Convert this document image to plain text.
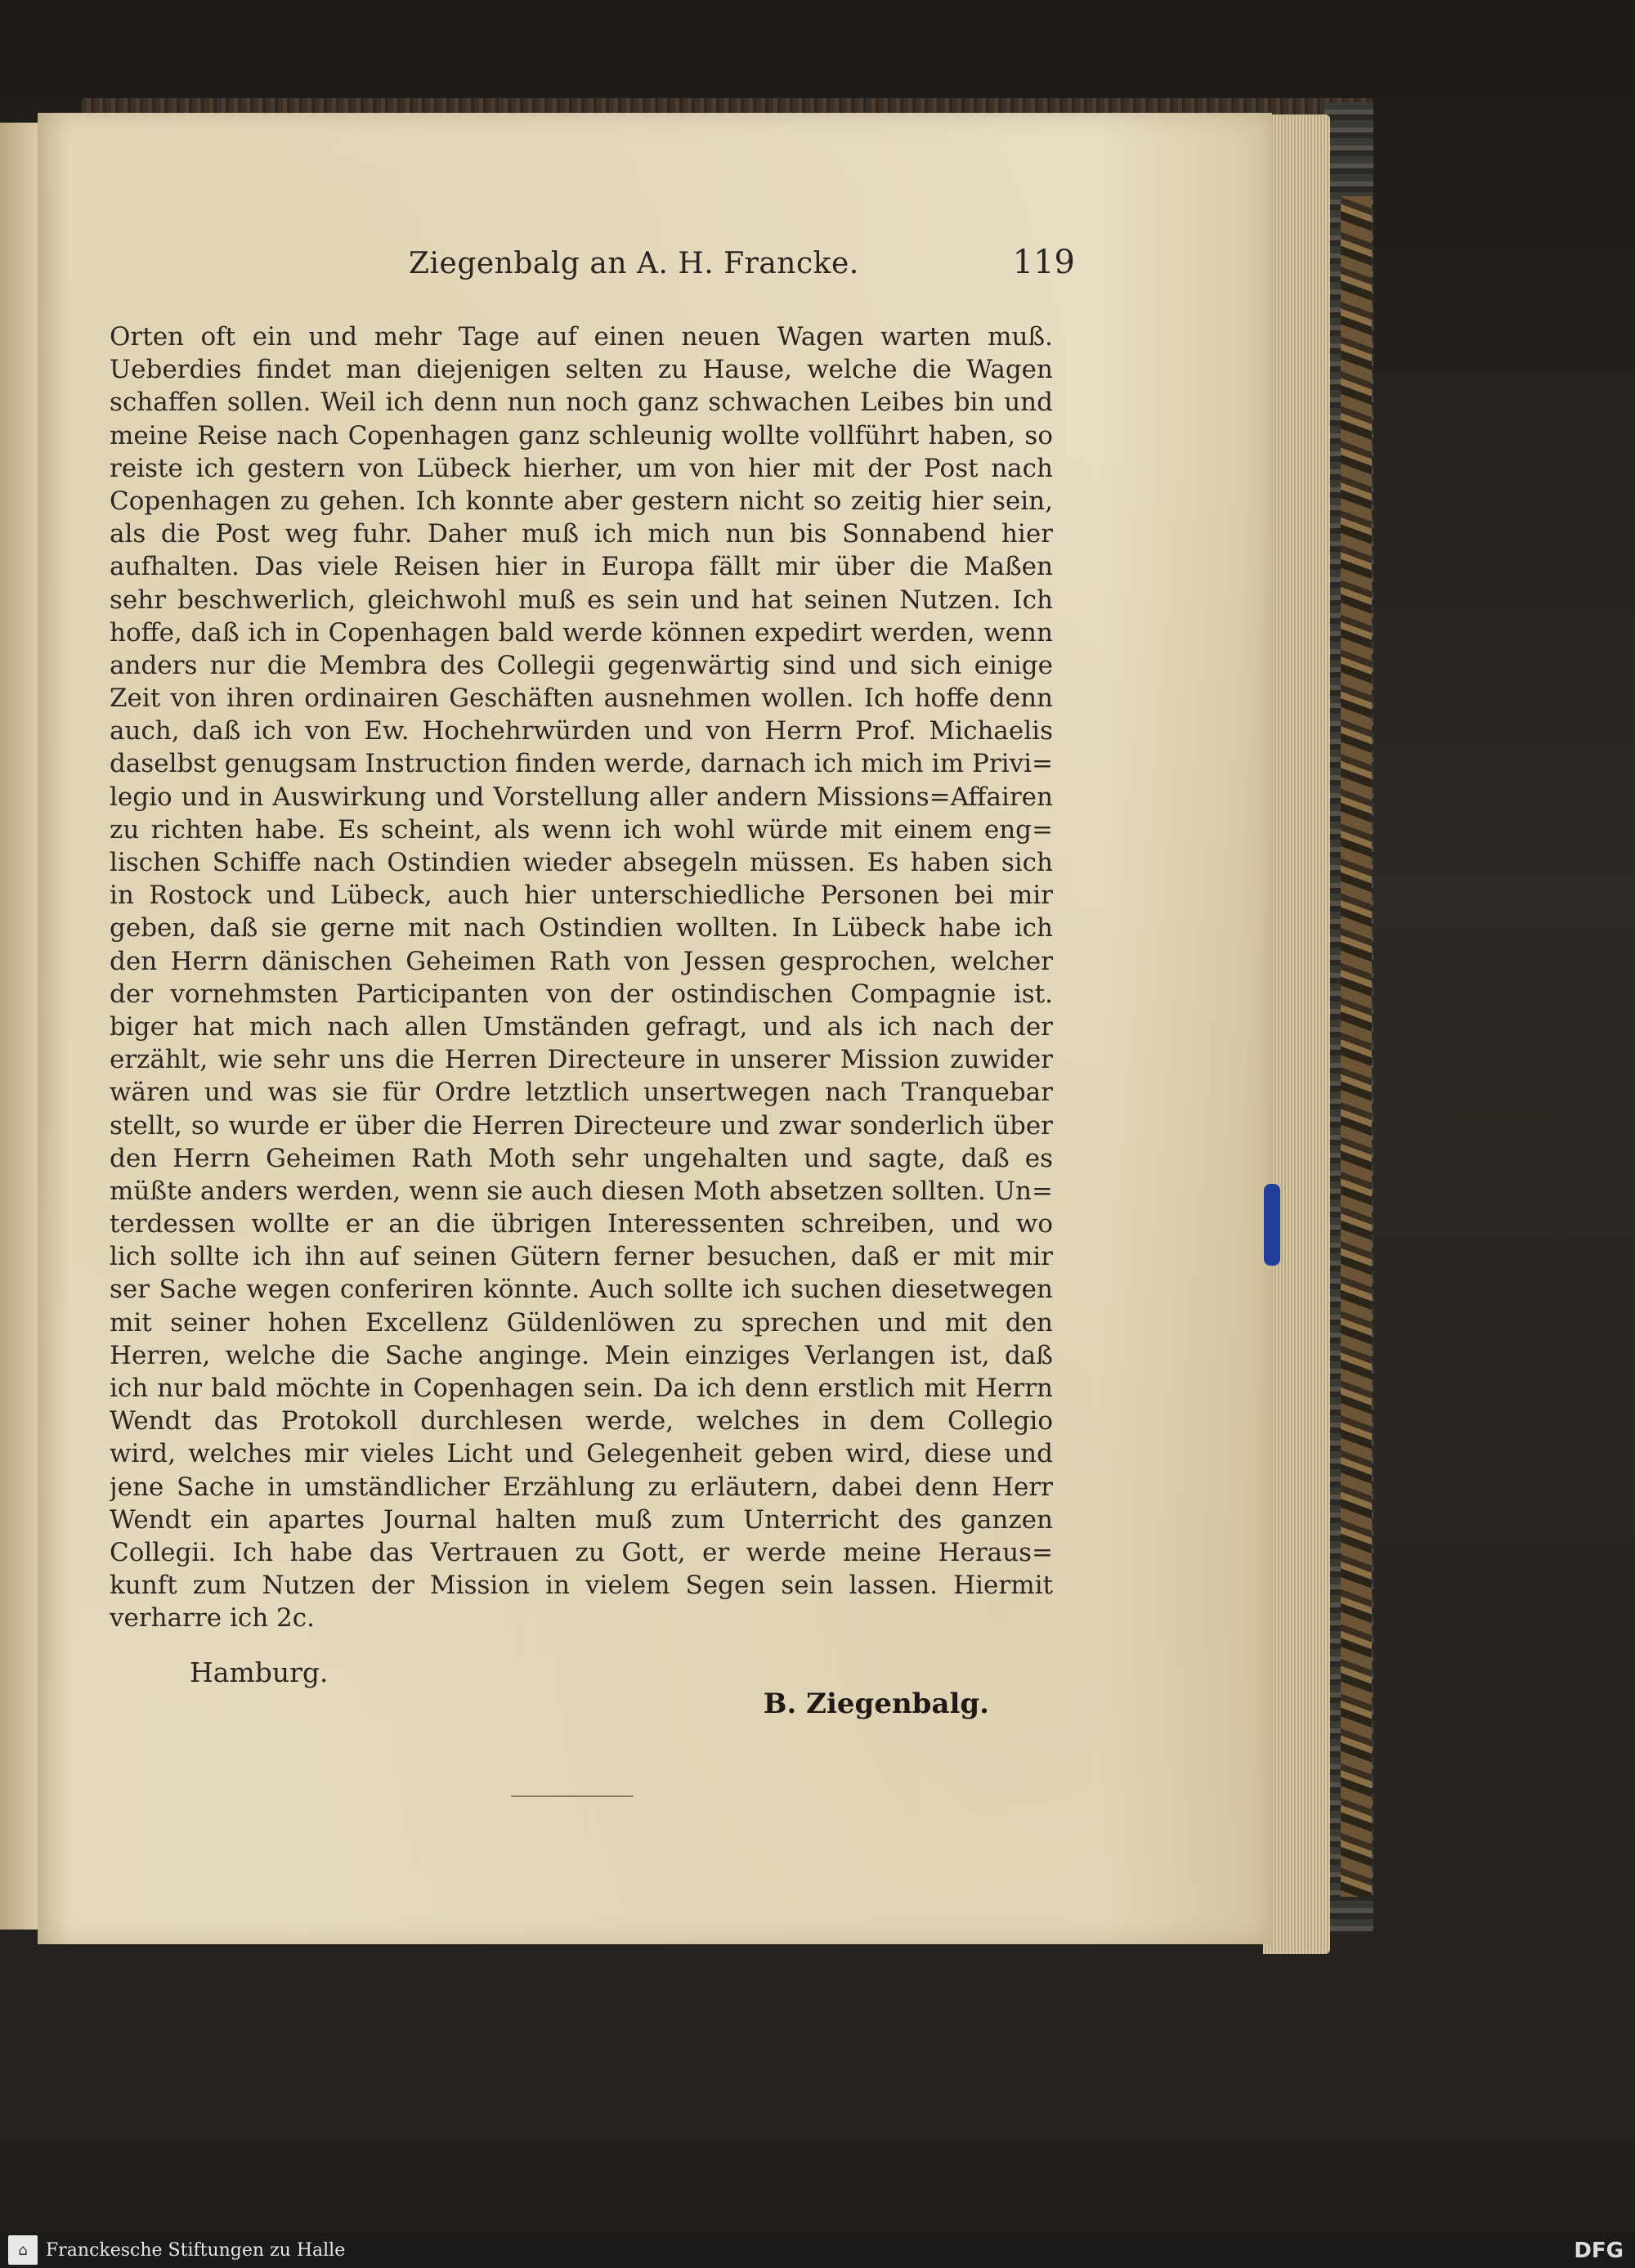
Ziegenbalg an A. H. Francke.	119
Orten oft ein und mehr Tage auf einen neuen Wagen warten muß.
Ueberdies findet man diejenigen selten zu Hause, welche die Wagen
schaffen sollen. Weil ich denn nun noch ganz schwachen Leibes bin und
meine Reise nach Copenhagen ganz schleunig wollte vollführt haben, so
reiste ich gestern von Lübeck hierher, um von hier mit der Post nach
Copenhagen zu gehen. Ich konnte aber gestern nicht so zeitig hier sein,
als die Post weg fuhr. Daher muß ich mich nun bis Sonnabend hier
aufhalten. Das viele Reisen hier in Europa fällt mir über die Maßen
sehr beschwerlich, gleichwohl muß es sein und hat seinen Nutzen. Ich
hoffe, daß ich in Copenhagen bald werde können expedirt werden, wenn
anders nur die Membra des Collegii gegenwärtig sind und sich einige
Zeit von ihren ordinairen Geschäften ausnehmen wollen. Ich hoffe denn
auch, daß ich von Ew. Hochehrwürden und von Herrn Prof. Michaelis
daselbst genugsam Instruction finden werde, darnach ich mich im Privi=
legio und in Auswirkung und Vorstellung aller andern Missions=Affairen
zu richten habe. Es scheint, als wenn ich wohl würde mit einem eng=
lischen Schiffe nach Ostindien wieder absegeln müssen. Es haben sich
in Rostock und Lübeck, auch hier unterschiedliche Personen bei mir
geben, daß sie gerne mit nach Ostindien wollten. In Lübeck habe ich
den Herrn dänischen Geheimen Rath von Jessen gesprochen, welcher
der vornehmsten Participanten von der ostindischen Compagnie ist.
biger hat mich nach allen Umständen gefragt, und als ich nach der
erzählt, wie sehr uns die Herren Directeure in unserer Mission zuwider
wären und was sie für Ordre letztlich unsertwegen nach Tranquebar
stellt, so wurde er über die Herren Directeure und zwar sonderlich über
den Herrn Geheimen Rath Moth sehr ungehalten und sagte, daß es
müßte anders werden, wenn sie auch diesen Moth absetzen sollten. Un=
terdessen wollte er an die übrigen Interessenten schreiben, und wo
lich sollte ich ihn auf seinen Gütern ferner besuchen, daß er mit mir
ser Sache wegen conferiren könnte. Auch sollte ich suchen diesetwegen
mit seiner hohen Excellenz Güldenlöwen zu sprechen und mit den
Herren, welche die Sache anginge. Mein einziges Verlangen ist, daß
ich nur bald möchte in Copenhagen sein. Da ich denn erstlich mit Herrn
Wendt das Protokoll durchlesen werde, welches in dem Collegio
wird, welches mir vieles Licht und Gelegenheit geben wird, diese und
jene Sache in umständlicher Erzählung zu erläutern, dabei denn Herr
Wendt ein apartes Journal halten muß zum Unterricht des ganzen
Collegii. Ich habe das Vertrauen zu Gott, er werde meine Heraus=
kunft zum Nutzen der Mission in vielem Segen sein lassen. Hiermit
verharre ich 2c.
Hamburg.
B. Ziegenbalg.
⌂ Franckesche Stiftungen zu Halle	DFG
